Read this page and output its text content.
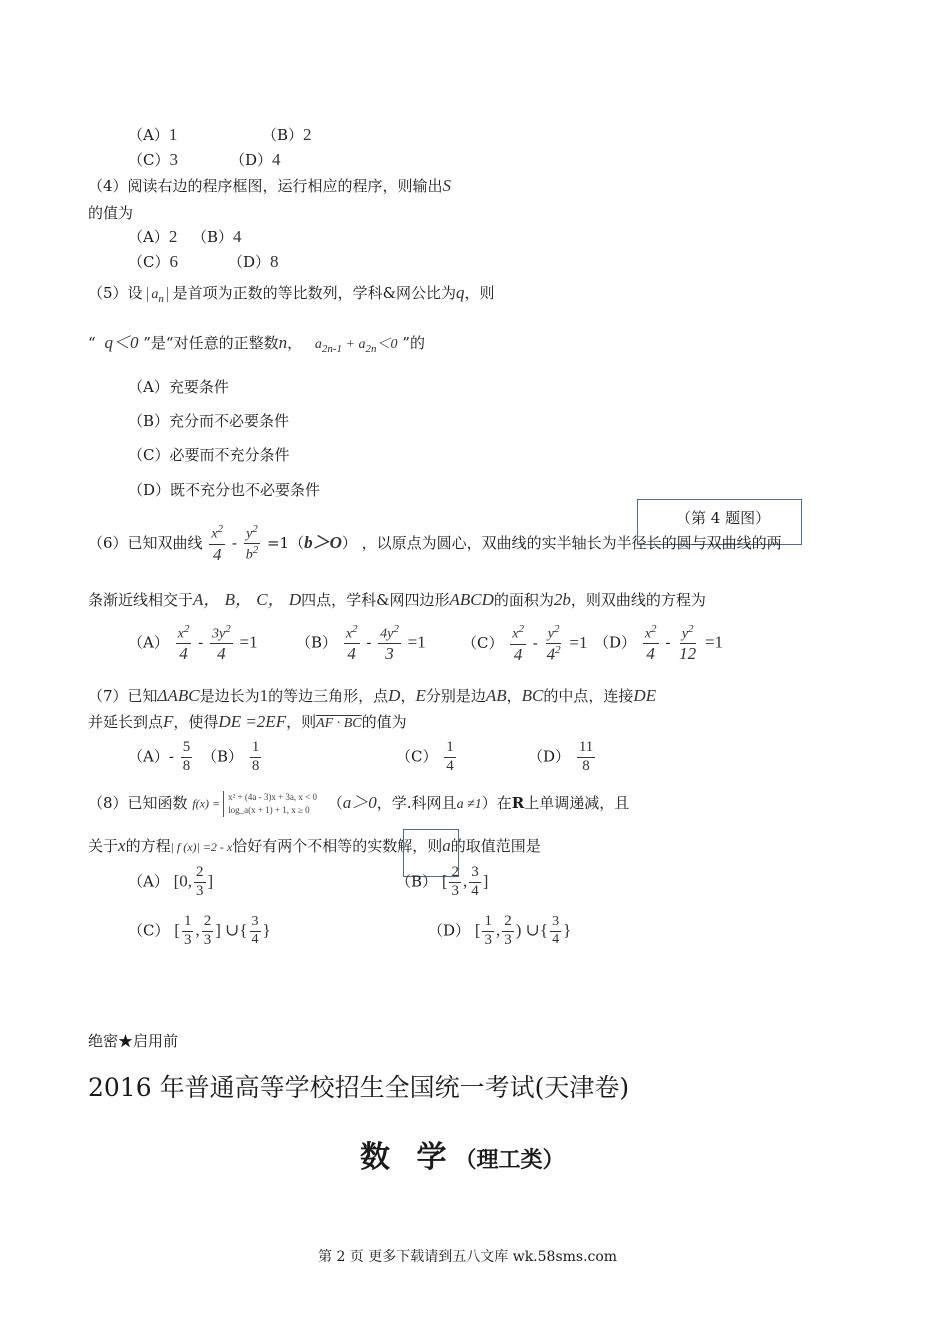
（A）1	（B）2
（C）3	（D）4
（4）阅读右边的程序框图，运行相应的程序，则输出S
的值为
（A）2 （B）4
（C）6	（D）8
（5）设 $a_n$ 是首项为正数的等比数列，学科&网公比为q，则
“ q＜0 ”是“对任意的正整数n， $a_{2n-1} + a_{2n}<0$ ”的
（A）充要条件
（B）充分而不必要条件
（C）必要而不充分条件
（D）既不充分也不必要条件
（第 4 题图）
（6）已知双曲线 $\frac{x^2}{4} - \frac{y^2}{b^2} =1(b>O)$ ，以原点为圆心，双曲线的实半轴长为半径长的圆与双曲线的两
条渐近线相交于A， B， C， D四点，学科&网四边形ABCD的面积为2b，则双曲线的方程为
$(A) \frac{x^2}{4} - \frac{3y^2}{4} =1$	$(B) \frac{x^2}{4} - \frac{4y^2}{3} =1$ $(C) \frac{x^2}{4} - \frac{y^2}{4^2} =1$ $(D) \frac{x^2}{4} - \frac{y^2}{12} =1$
（7）已知ΔABC是边长为1的等边三角形，点D，E分别是边AB，BC的中点，连接DE
并延长到点F，使得DE =2EF，则AF · BC的值为
$(A)- \frac{5}{8} (B) \frac{1}{8}$	$(C) \frac{1}{4}$	$(D) \frac{11}{8}$
（8）已知函数 f(x) = x² + (4a - 3)x + 3a, x < 0
log_a(x + 1) + 1, x ≥ 0	（a＞0，学.科网且a ≠1）在R上单调递减，且
关于x的方程| f (x)| =2 - x恰好有两个不相等的实数解，则a的取值范围是
（A） [0, $\frac{2}{3}$ ]	（B） [ $\frac{2}{3}$ , $\frac{3}{4}$ ]
（C） [ $\frac{1}{3}$ , $\frac{2}{3}$ ] ∪{ $\frac{3}{4}$ }	（D） [ $\frac{1}{3}$ , $\frac{2}{3}$ ) ∪{ $\frac{3}{4}$ }
绝密★启用前
2016 年普通高等学校招生全国统一考试(天津卷)
数 学（理工类）
第 2 页 更多下载请到五八文库 wk.58sms.com
